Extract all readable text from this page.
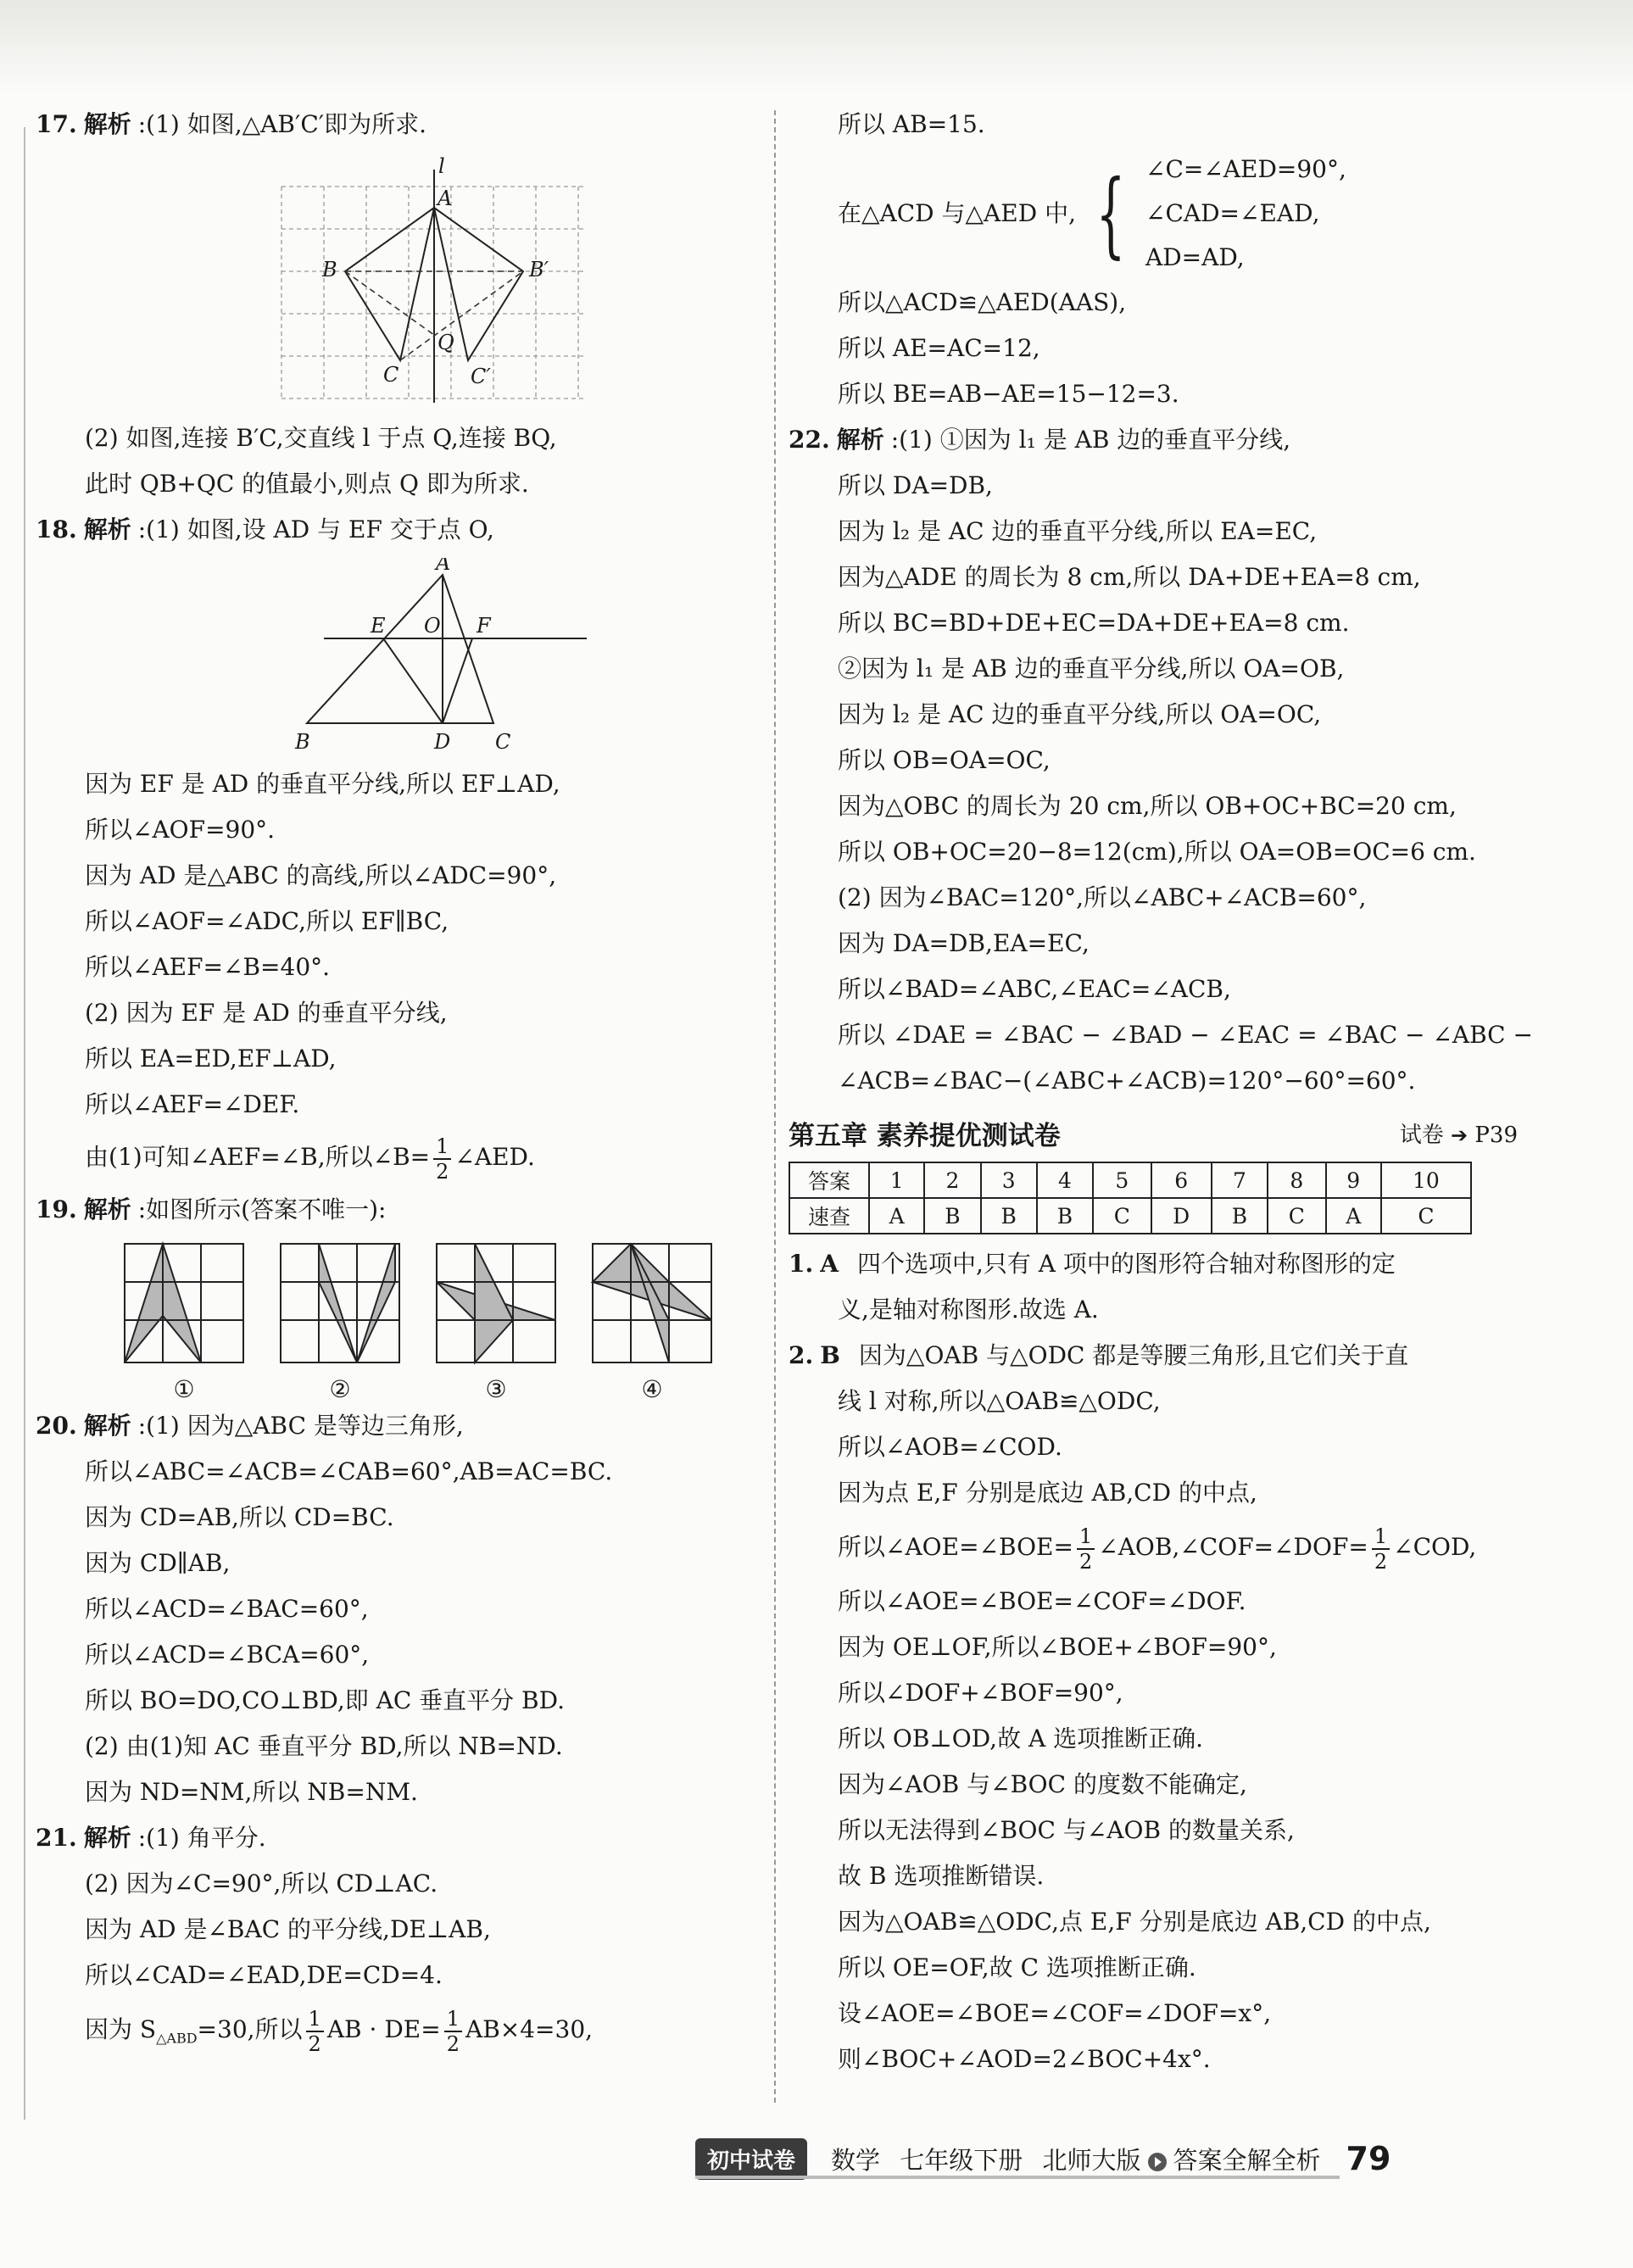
17. 解析 :(1) 如图,△AB′C′即为所求.
l
A
B	B′
C	C′
Q
(2) 如图,连接 B′C,交直线 l 于点 Q,连接 BQ,
此时 QB+QC 的值最小,则点 Q 即为所求.
18. 解析 :(1) 如图,设 AD 与 EF 交于点 O,
A
E O F
B	D C
因为 EF 是 AD 的垂直平分线,所以 EF⊥AD,
所以∠AOF=90°.
因为 AD 是△ABC 的高线,所以∠ADC=90°,
所以∠AOF=∠ADC,所以 EF∥BC,
所以∠AEF=∠B=40°.
(2) 因为 EF 是 AD 的垂直平分线,
所以 EA=ED,EF⊥AD,
所以∠AEF=∠DEF.
由(1)可知∠AEF=∠B,所以∠B= $\frac{1}{2}$ ∠AED.
19. 解析 :如图所示(答案不唯一):
①	②	③	④
20. 解析 :(1) 因为△ABC 是等边三角形,
所以∠ABC=∠ACB=∠CAB=60°,AB=AC=BC.
因为 CD=AB,所以 CD=BC.
因为 CD∥AB,
所以∠ACD=∠BAC=60°,
所以∠ACD=∠BCA=60°,
所以 BO=DO,CO⊥BD,即 AC 垂直平分 BD.
(2) 由(1)知 AC 垂直平分 BD,所以 NB=ND.
因为 ND=NM,所以 NB=NM.
21. 解析 :(1) 角平分.
(2) 因为∠C=90°,所以 CD⊥AC.
因为 AD 是∠BAC 的平分线,DE⊥AB,
所以∠CAD=∠EAD,DE=CD=4.
因为 $S_{\triangle ABD}=30$,所以 $\frac{1}{2}$ AB · $DE= \frac{1}{2} AB\times 4=30$,
所以 AB=15.
在△ACD 与△AED 中, { ∠C=∠AED=90°,
∠CAD=∠EAD,
AD=AD,
所以△ACD≌△AED(AAS),
所以 AE=AC=12,
所以 BE=AB−AE=15−12=3.
22. 解析 :(1) ①因为 l₁ 是 AB 边的垂直平分线,
所以 DA=DB,
因为 l₂ 是 AC 边的垂直平分线,所以 EA=EC,
因为△ADE 的周长为 8 cm,所以 DA+DE+EA=8 cm,
所以 BC=BD+DE+EC=DA+DE+EA=8 cm.
②因为 l₁ 是 AB 边的垂直平分线,所以 OA=OB,
因为 l₂ 是 AC 边的垂直平分线,所以 OA=OC,
所以 OB=OA=OC,
因为△OBC 的周长为 20 cm,所以 OB+OC+BC=20 cm,
所以 OB+OC=20−8=12(cm),所以 OA=OB=OC=6 cm.
(2) 因为∠BAC=120°,所以∠ABC+∠ACB=60°,
因为 DA=DB,EA=EC,
所以∠BAD=∠ABC,∠EAC=∠ACB,
所以 ∠DAE = ∠BAC − ∠BAD − ∠EAC = ∠BAC − ∠ABC −
∠ACB=∠BAC−(∠ABC+∠ACB)=120°−60°=60°.
第五章 素养提优测试卷	试卷 ➔ P39
答案	1	2	3	4	5	6	7	8	9	10
速查	A	B	B	B	C	D	B	C	A	C
1. A 四个选项中,只有 A 项中的图形符合轴对称图形的定
义,是轴对称图形.故选 A.
2. B 因为△OAB 与△ODC 都是等腰三角形,且它们关于直
线 l 对称,所以△OAB≌△ODC,
所以∠AOB=∠COD.
因为点 E,F 分别是底边 AB,CD 的中点,
所以∠AOE=∠BOE= $\frac{1}{2}$ ∠AOB,∠COF=∠DOF= $\frac{1}{2}$ ∠COD,
所以∠AOE=∠BOE=∠COF=∠DOF.
因为 OE⊥OF,所以∠BOE+∠BOF=90°,
所以∠DOF+∠BOF=90°,
所以 OB⊥OD,故 A 选项推断正确.
因为∠AOB 与∠BOC 的度数不能确定,
所以无法得到∠BOC 与∠AOB 的数量关系,
故 B 选项推断错误.
因为△OAB≌△ODC,点 E,F 分别是底边 AB,CD 的中点,
所以 OE=OF,故 C 选项推断正确.
设∠AOE=∠BOE=∠COF=∠DOF=x°,
则∠BOC+∠AOD=2∠BOC+4x°.
初中试卷	数学 七年级下册 北师大版 答案全解全析 79
